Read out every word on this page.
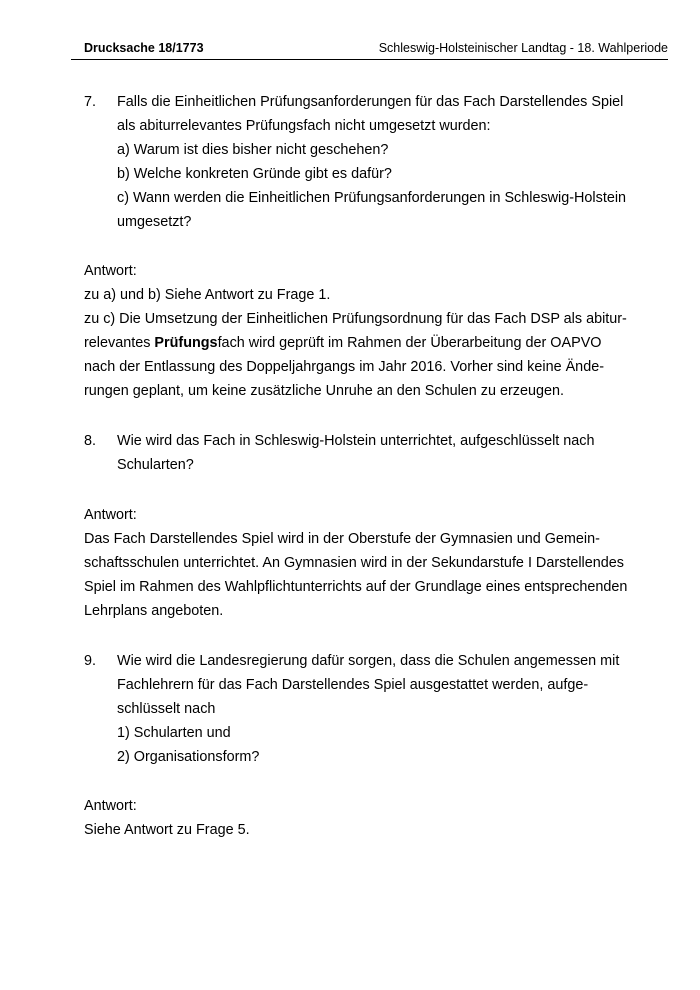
Drucksache 18/1773	Schleswig-Holsteinischer Landtag - 18. Wahlperiode
7. Falls die Einheitlichen Prüfungsanforderungen für das Fach Darstellendes Spiel
als abiturrelevantes Prüfungsfach nicht umgesetzt wurden:
a) Warum ist dies bisher nicht geschehen?
b) Welche konkreten Gründe gibt es dafür?
c) Wann werden die Einheitlichen Prüfungsanforderungen in Schleswig-Holstein
umgesetzt?
Antwort:
zu a) und b) Siehe Antwort zu Frage 1.
zu c) Die Umsetzung der Einheitlichen Prüfungsordnung für das Fach DSP als abitur-
relevantes Prüfungsfach wird geprüft im Rahmen der Überarbeitung der OAPVO
nach der Entlassung des Doppeljahrgangs im Jahr 2016. Vorher sind keine Ände-
rungen geplant, um keine zusätzliche Unruhe an den Schulen zu erzeugen.
8. Wie wird das Fach in Schleswig-Holstein unterrichtet, aufgeschlüsselt nach
Schularten?
Antwort:
Das Fach Darstellendes Spiel wird in der Oberstufe der Gymnasien und Gemein-
schaftsschulen unterrichtet. An Gymnasien wird in der Sekundarstufe I Darstellendes
Spiel im Rahmen des Wahlpflichtunterrichts auf der Grundlage eines entsprechenden
Lehrplans angeboten.
9. Wie wird die Landesregierung dafür sorgen, dass die Schulen angemessen mit
Fachlehrern für das Fach Darstellendes Spiel ausgestattet werden, aufge-
schlüsselt nach
1) Schularten und
2) Organisationsform?
Antwort:
Siehe Antwort zu Frage 5.
